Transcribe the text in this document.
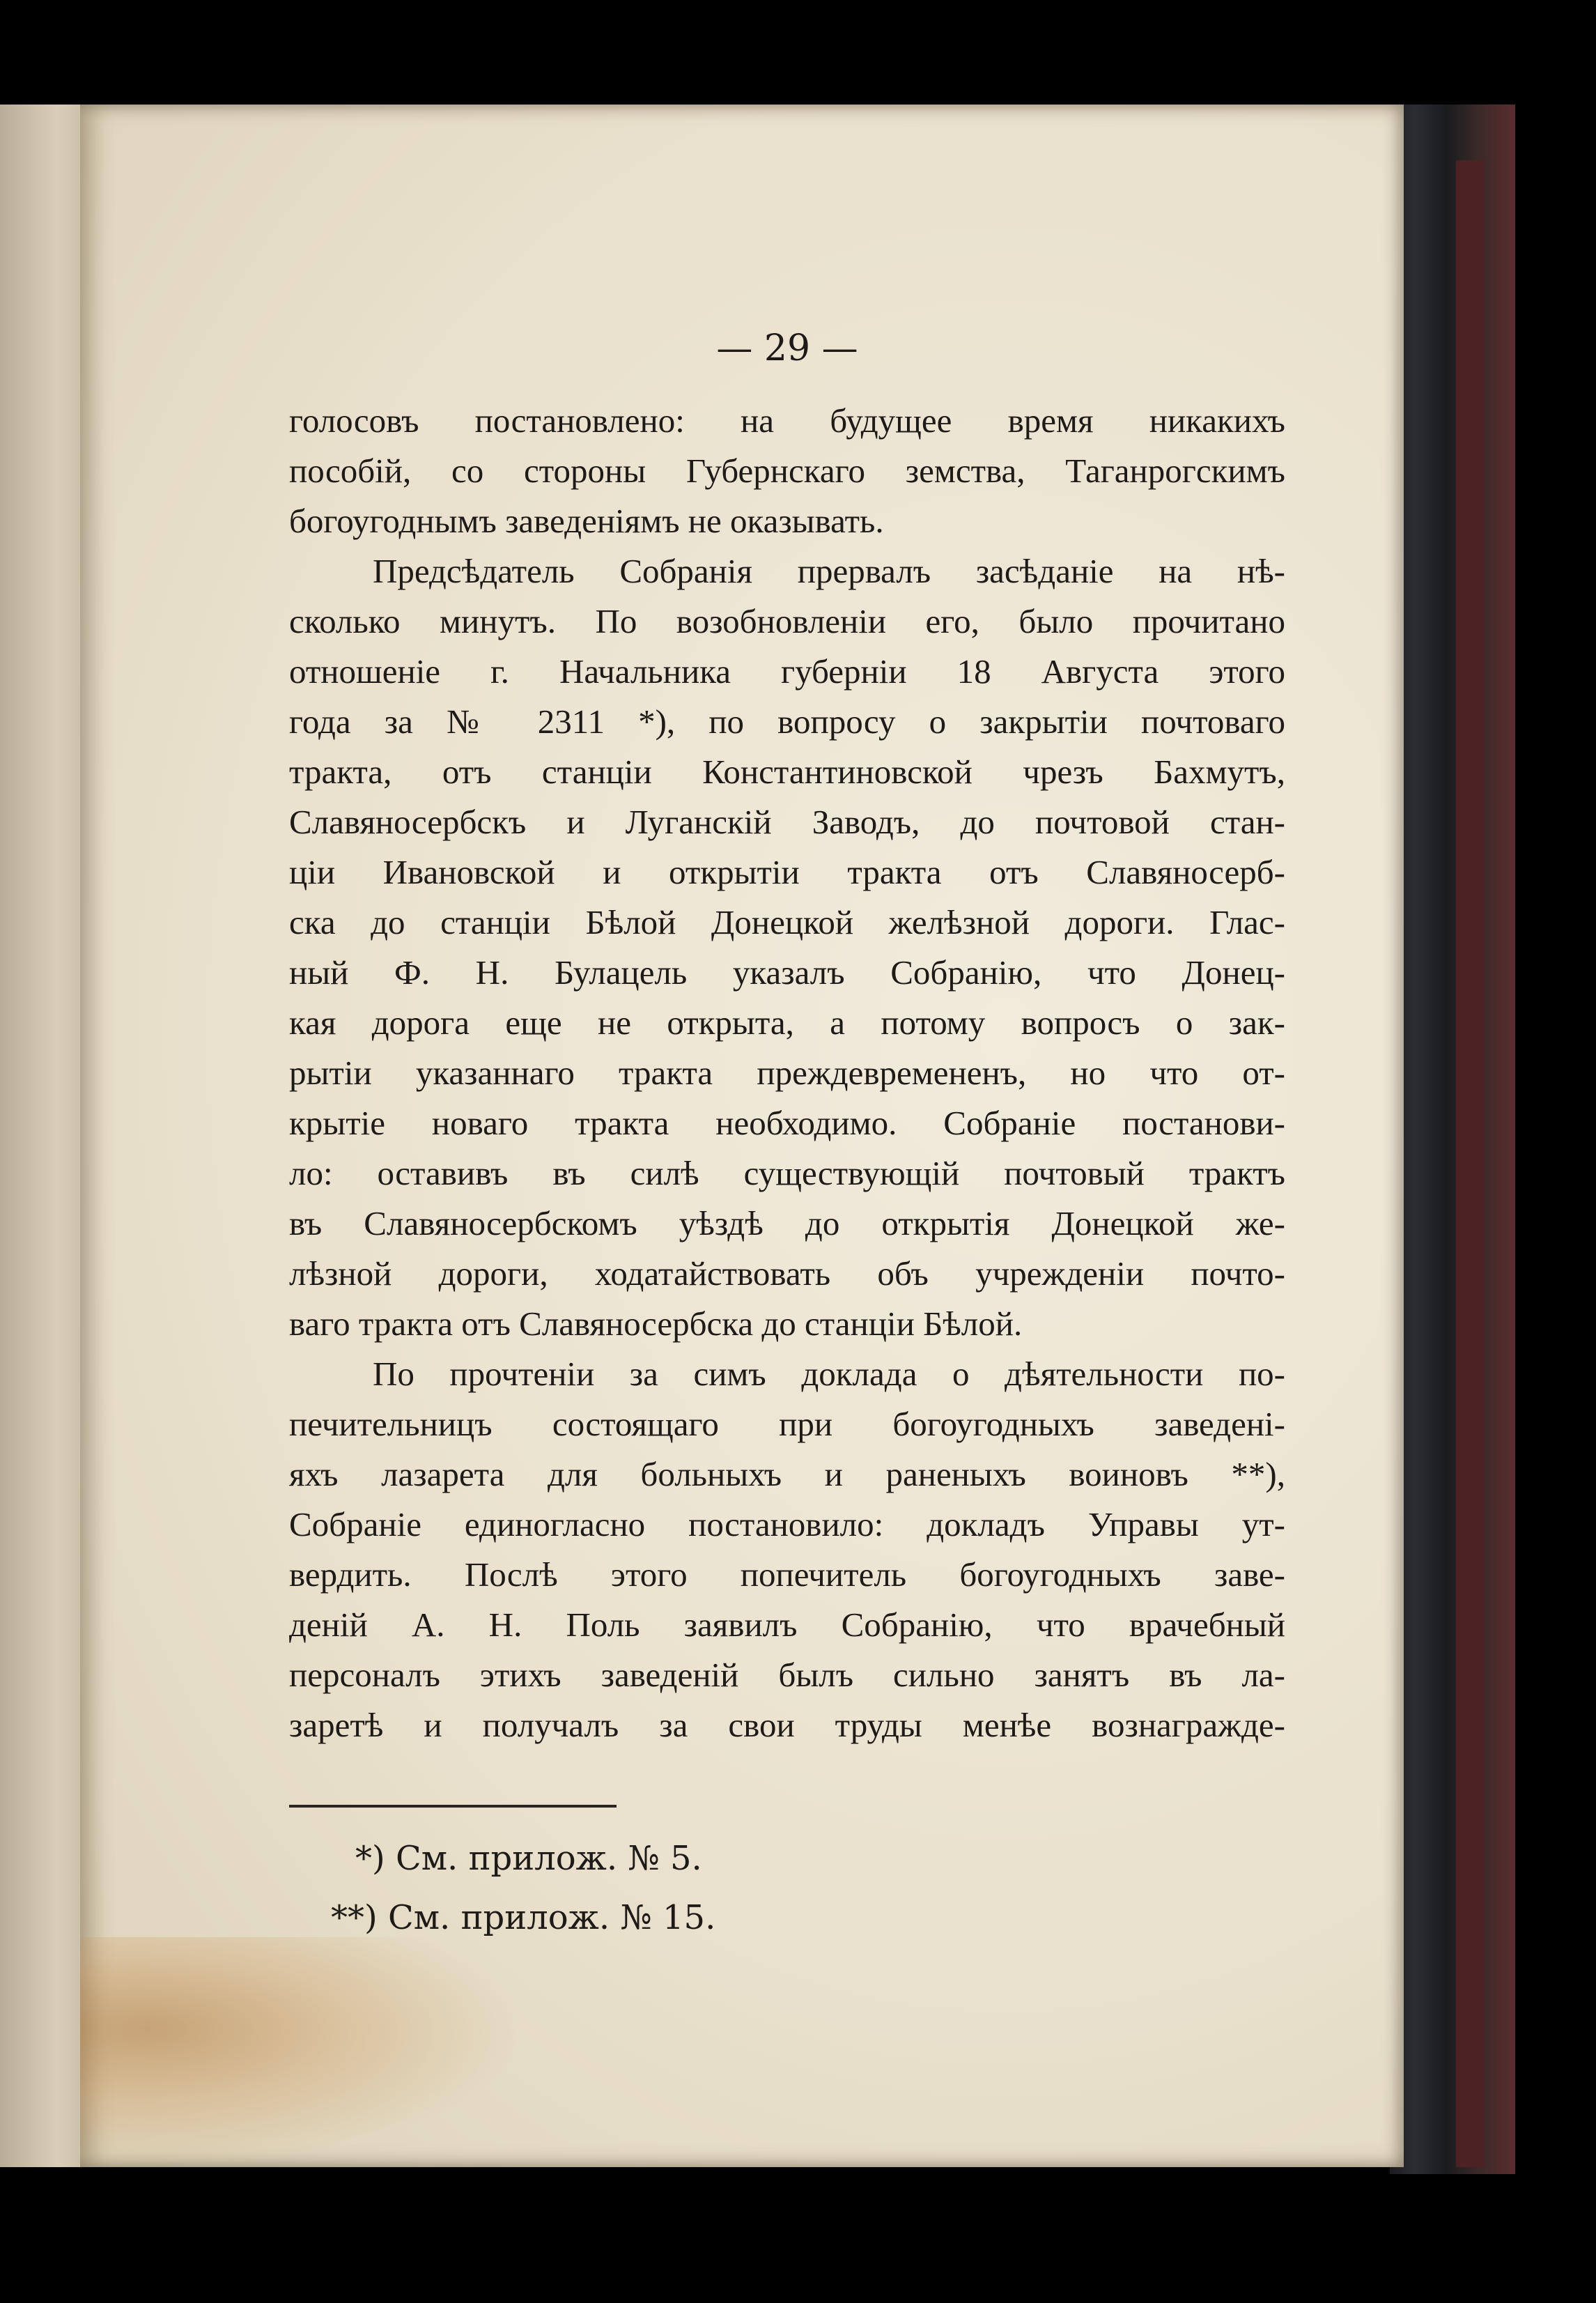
— 29 —
голосовъ постановлено: на будущее время никакихъ
пособій, со стороны Губернскаго земства, Таганрогскимъ
богоугоднымъ заведеніямъ не оказывать.
Предсѣдатель Собранія прервалъ засѣданіе на нѣ-
сколько минутъ. По возобновленіи его, было прочитано
отношеніе г. Начальника губерніи 18 Августа этого
года за № 2311 *), по вопросу о закрытіи почтоваго
тракта, отъ станціи Константиновской чрезъ Бахмутъ,
Славяносербскъ и Луганскій Заводъ, до почтовой стан-
ціи Ивановской и открытіи тракта отъ Славяносерб-
ска до станціи Бѣлой Донецкой желѣзной дороги. Глас-
ный Ф. Н. Булацель указалъ Собранію, что Донец-
кая дорога еще не открыта, а потому вопросъ о зак-
рытіи указаннаго тракта преждевремененъ, но что от-
крытіе новаго тракта необходимо. Собраніе постанови-
ло: оставивъ въ силѣ существующій почтовый трактъ
въ Славяносербскомъ уѣздѣ до открытія Донецкой же-
лѣзной дороги, ходатайствовать объ учрежденіи почто-
ваго тракта отъ Славяносербска до станціи Бѣлой.
По прочтеніи за симъ доклада о дѣятельности по-
печительницъ состоящаго при богоугодныхъ заведені-
яхъ лазарета для больныхъ и раненыхъ воиновъ **),
Собраніе единогласно постановило: докладъ Управы ут-
вердить. Послѣ этого попечитель богоугодныхъ заве-
деній А. Н. Поль заявилъ Собранію, что врачебный
персоналъ этихъ заведеній былъ сильно занятъ въ ла-
заретѣ и получалъ за свои труды менѣе вознагражде-
*) См. прилож. № 5.
**) См. прилож. № 15.
